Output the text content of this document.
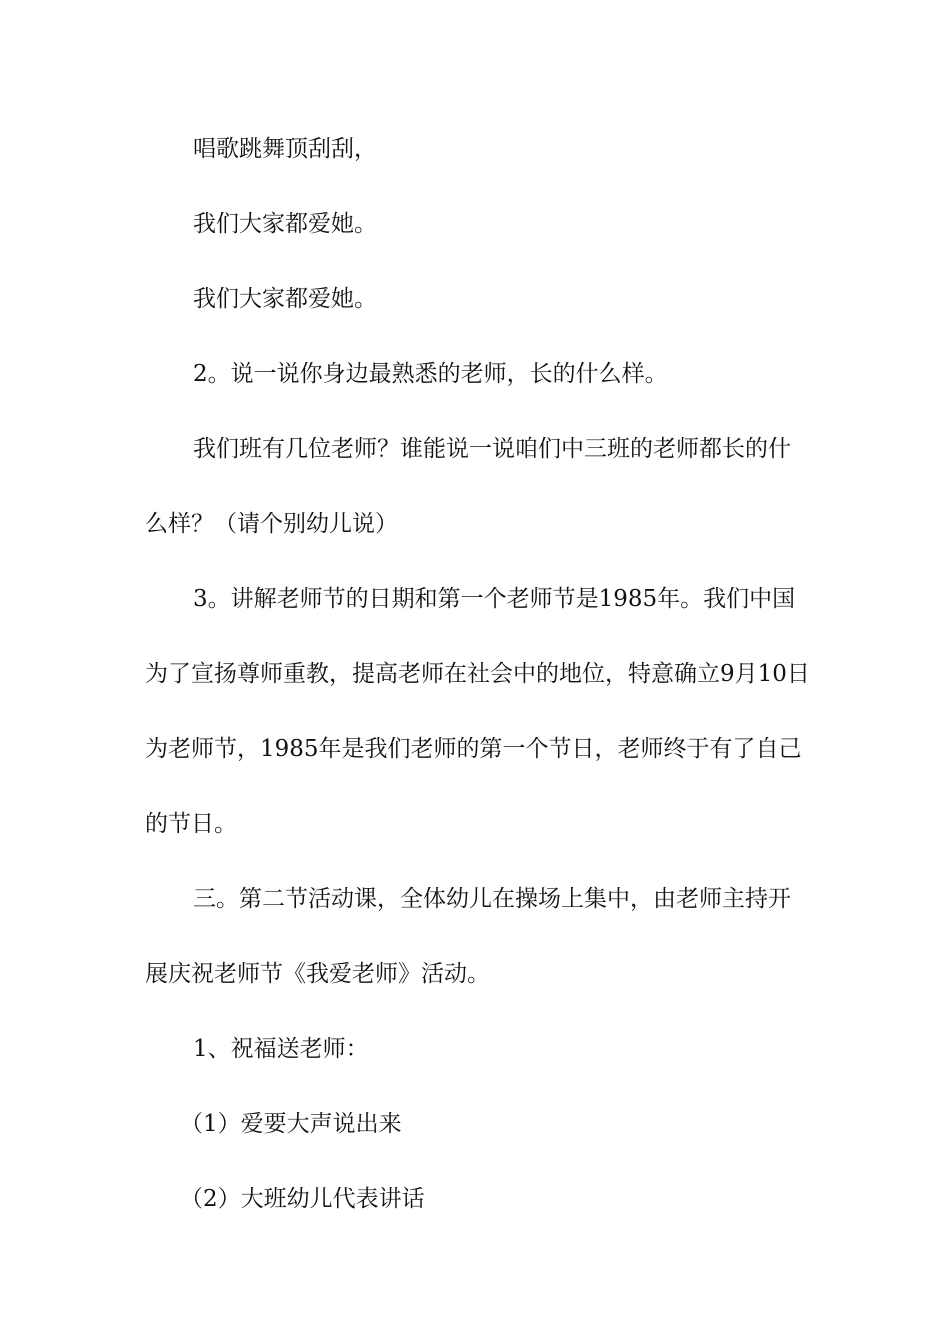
唱歌跳舞顶刮刮，

我们大家都爱她。

我们大家都爱她。

2。说一说你身边最熟悉的老师，长的什么样。

我们班有几位老师？谁能说一说咱们中三班的老师都长的什么样？（请个别幼儿说）

3。讲解老师节的日期和第一个老师节是1985年。我们中国为了宣扬尊师重教，提高老师在社会中的地位，特意确立9月10日为老师节，1985年是我们老师的第一个节日，老师终于有了自己的节日。

三。第二节活动课，全体幼儿在操场上集中，由老师主持开展庆祝老师节《我爱老师》活动。

1、祝福送老师：

（1）爱要大声说出来

（2）大班幼儿代表讲话
